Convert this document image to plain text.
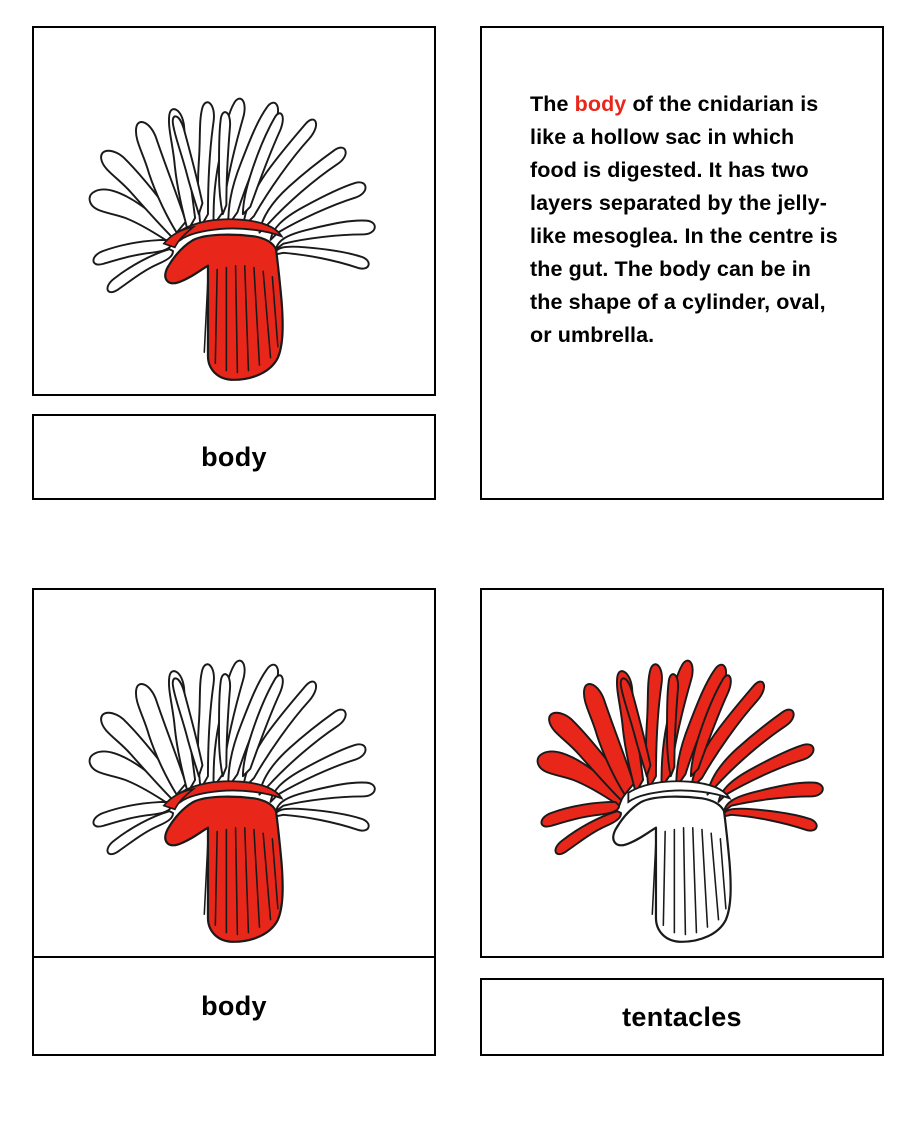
body
The body of the cnidarian is like a hollow sac in which food is digested. It has two layers separated by the jelly-like mesoglea. In the centre is the gut. The body can be in the shape of a cylinder, oval, or umbrella.
body	tentacles
